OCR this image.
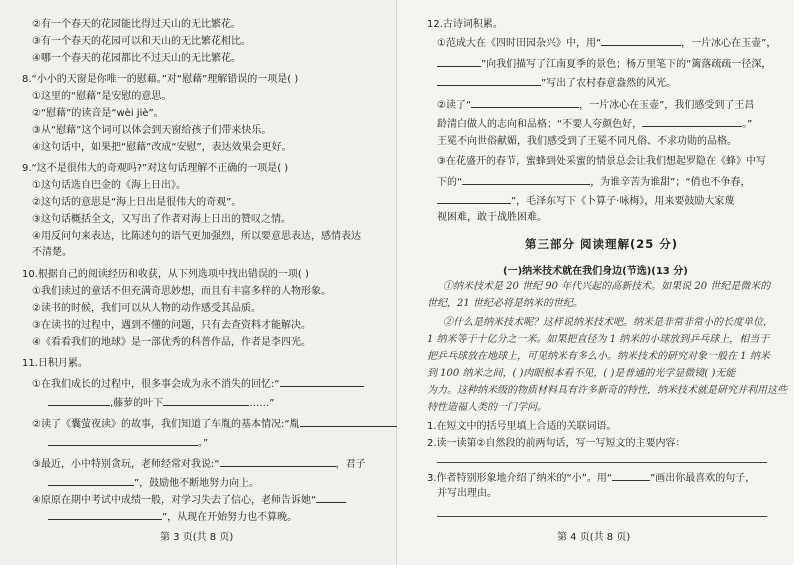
②有一个春天的花园能比得过天山的无比繁花。
③有一个春天的花园可以和天山的无比繁花相比。
④哪一个春天的花园都比不过天山的无比繁花。
8.“小小的天窗是你唯一的慰藉。”对“慰藉”理解错误的一项是( )
①这里的“慰藉”是安慰的意思。
②“慰藉”的读音是“wèi jiè”。
③从“慰藉”这个词可以体会到天窗给孩子们带来快乐。
④这句话中，如果把“慰藉”改成“安慰”，表达效果会更好。
9.“这不是很伟大的奇观吗?”对这句话理解不正确的一项是( )
①这句话选自巴金的《海上日出》。
②这句话的意思是“海上日出是很伟大的奇观”。
③这句话概括全文，又写出了作者对海上日出的赞叹之情。
④用反问句来表达，比陈述句的语气更加强烈，所以要意思表达，感情表达
不清楚。
10.根据自己的阅读经历和收获，从下列选项中找出错误的一项( )
①我们读过的童话不但充满奇思妙想，而且有丰富多样的人物形象。
②读书的时候，我们可以从人物的动作感受其品质。
③在读书的过程中，遇到不懂的问题，只有去查资料才能解决。
④《看看我们的地球》是一部优秀的科普作品，作者是李四光。
11.日积月累。
①在我们成长的过程中，很多事会成为永不消失的回忆:“
,藤萝的叶下	……”
②读了《囊萤夜读》的故事，我们知道了车胤的基本情况:“胤
。”
③最近，小中特别贪玩，老师经常对我说:“	，君子
”，鼓励他不断地努力向上。
④原原在期中考试中成绩一般，对学习失去了信心，老师告诉她“
”，从现在开始努力也不算晚。
第 3 页(共 8 页)
12.古诗词积累。
①范成大在《四时田园杂兴》中，用“	，一片冰心在玉壶”，
”向我们描写了江南夏季的景色；杨万里笔下的“篱落疏疏一径深，
”写出了农村春意盎然的风光。
②读了“	，一片冰心在玉壶”，我们感受到了王昌
龄清白做人的志向和品格；“不要人夸颜色好，	。”
王冕不向世俗献媚，我们感受到了王冕不同凡俗、不求功勋的品格。
③在花盛开的春节，蜜蜂到处采蜜的情景总会让我们想起罗隐在《蜂》中写
下的“	，为谁辛苦为谁甜”；“俏也不争春，
”，毛泽东写下《卜算子·咏梅》，用来要鼓励大家蔑
视困难，敢于战胜困难。
第三部分 阅读理解(25 分)
(一)纳米技术就在我们身边(节选)(13 分)
①纳米技术是 20 世纪 90 年代兴起的高新技术。如果说 20 世纪是微米的
世纪，21 世纪必将是纳米的世纪。
②什么是纳米技术呢？这样说纳米技术吧。纳米是非常非常小的长度单位，
1 纳米等于十亿分之一米。如果把直径为 1 纳米的小球放到乒乓球上，相当于
把乒乓球放在地球上，可见纳米有多么小。纳米技术的研究对象一般在 1 纳米
到 100 纳米之间，( )肉眼根本看不见，( )是普通的光学显微镜( )无能
为力。这种纳米级的物质材料具有许多新奇的特性，纳米技术就是研究并利用这些
特性造福人类的一门学问。
1.在短文中的括号里填上合适的关联词语。
2.读一读第②自然段的前两句话，写一写短文的主要内容：
3.作者特别形象地介绍了纳米的“小”。用“	”画出你最喜欢的句子，
并写出理由。
第 4 页(共 8 页)
